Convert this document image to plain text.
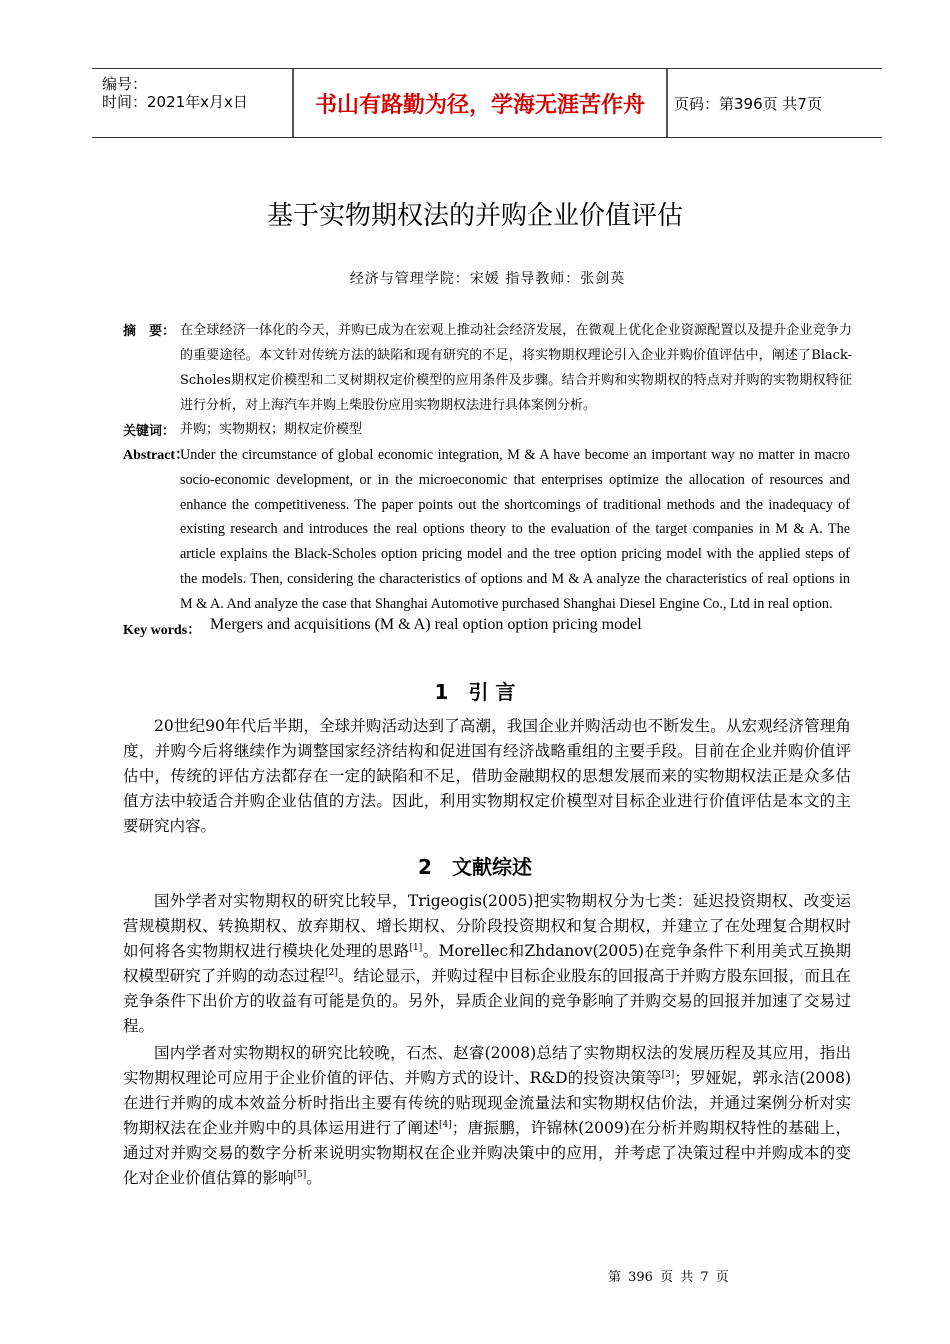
编号：
时间：2021年x月x日	书山有路勤为径，学海无涯苦作舟	页码：第396页 共7页
基于实物期权法的并购企业价值评估
经济与管理学院：宋媛 指导教师：张剑英
摘　要： 在全球经济一体化的今天，并购已成为在宏观上推动社会经济发展，在微观上优化企业资源配置以及提升企业竞争力的重要途径。本文针对传统方法的缺陷和现有研究的不足，将实物期权理论引入企业并购价值评估中，阐述了Black-Scholes期权定价模型和二叉树期权定价模型的应用条件及步骤。结合并购和实物期权的特点对并购的实物期权特征进行分析，对上海汽车并购上柴股份应用实物期权法进行具体案例分析。
关键词： 并购；实物期权；期权定价模型
Abstract：
Under the circumstance of global economic integration, M & A have become an important way no matter in macro socio-economic development, or in the microeconomic that enterprises optimize the allocation of resources and enhance the competitiveness. The paper points out the shortcomings of traditional methods and the inadequacy of existing research and introduces the real options theory to the evaluation of the target companies in M & A. The article explains the Black-Scholes option pricing model and the tree option pricing model with the applied steps of the models. Then, considering the characteristics of options and M & A analyze the characteristics of real options in M & A. And analyze the case that Shanghai Automotive purchased Shanghai Diesel Engine Co., Ltd in real option.
Key words： Mergers and acquisitions (M & A) real option option pricing model
1　引 言
20世纪90年代后半期，全球并购活动达到了高潮，我国企业并购活动也不断发生。从宏观经济管理角度，并购今后将继续作为调整国家经济结构和促进国有经济战略重组的主要手段。目前在企业并购价值评估中，传统的评估方法都存在一定的缺陷和不足，借助金融期权的思想发展而来的实物期权法正是众多估值方法中较适合并购企业估值的方法。因此，利用实物期权定价模型对目标企业进行价值评估是本文的主要研究内容。
2　文献综述
国外学者对实物期权的研究比较早，Trigeogis(2005)把实物期权分为七类：延迟投资期权、改变运营规模期权、转换期权、放弃期权、增长期权、分阶段投资期权和复合期权，并建立了在处理复合期权时如何将各实物期权进行模块化处理的思路[1]。Morellec和Zhdanov(2005)在竞争条件下利用美式互换期权模型研究了并购的动态过程[2]。结论显示，并购过程中目标企业股东的回报高于并购方股东回报，而且在竞争条件下出价方的收益有可能是负的。另外，异质企业间的竞争影响了并购交易的回报并加速了交易过程。
国内学者对实物期权的研究比较晚，石杰、赵睿(2008)总结了实物期权法的发展历程及其应用，指出实物期权理论可应用于企业价值的评估、并购方式的设计、R&D的投资决策等[3]；罗娅妮，郭永洁(2008)在进行并购的成本效益分析时指出主要有传统的贴现现金流量法和实物期权估价法，并通过案例分析对实物期权法在企业并购中的具体运用进行了阐述[4]；唐振鹏，许锦林(2009)在分析并购期权特性的基础上，通过对并购交易的数字分析来说明实物期权在企业并购决策中的应用，并考虑了决策过程中并购成本的变化对企业价值估算的影响[5]。
第 396 页 共 7 页
